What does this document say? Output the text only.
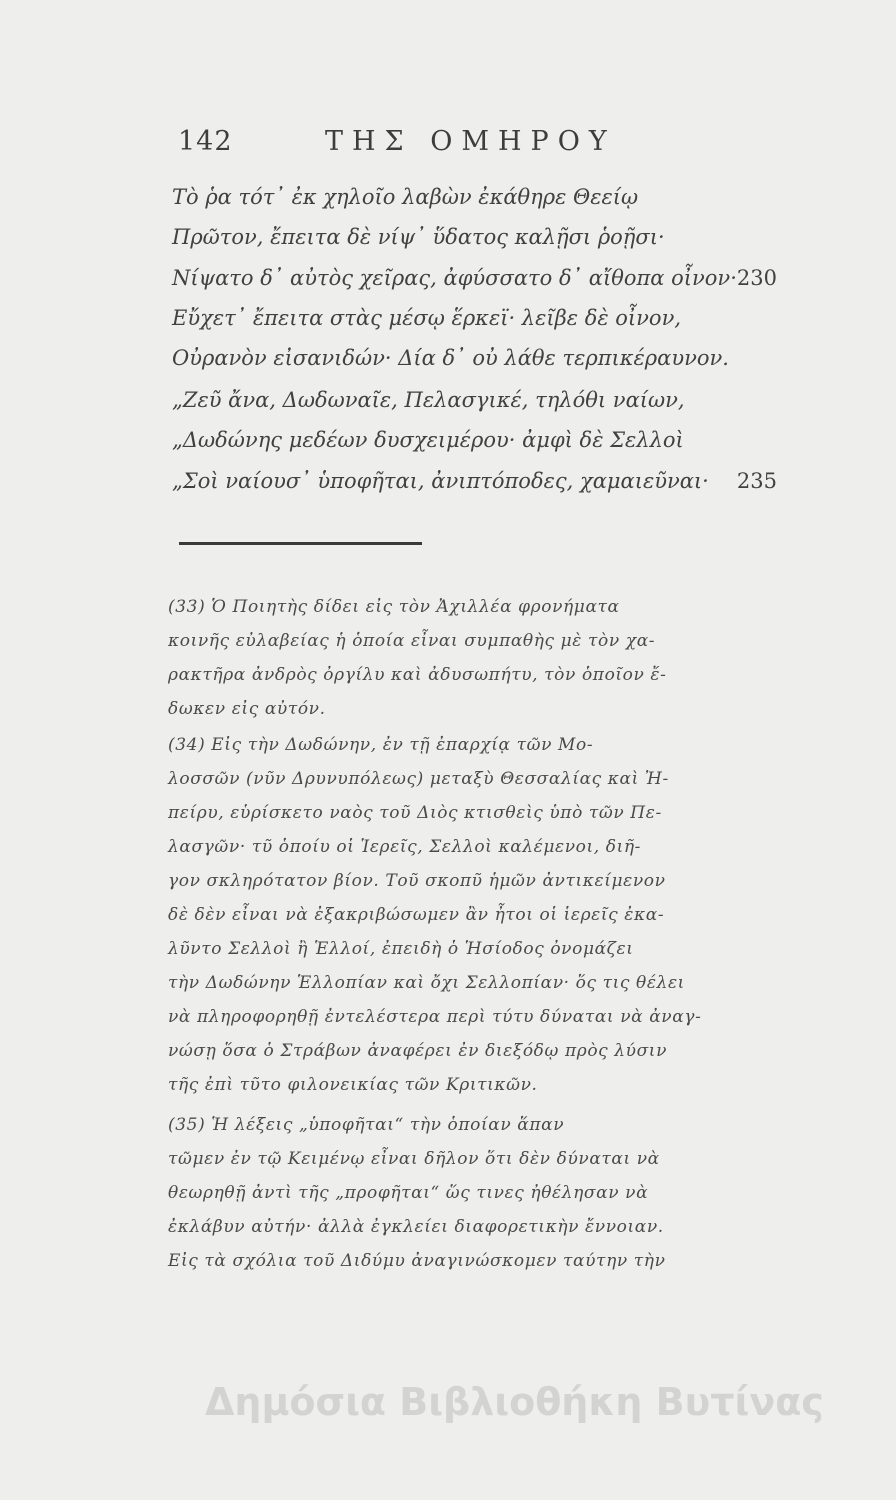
142	ΤΗΣ ΟΜΗΡΟΥ
Τὸ ῥα τότ᾽ ἐκ χηλοῖο λαβὼν ἐκάθηρε Θεείῳ
Πρῶτον, ἔπειτα δὲ νίψ᾽ ὕδατος καλῇσι ῥοῇσι·
Νίψατο δ᾽ αὐτὸς χεῖρας, ἀφύσσατο δ᾽ αἴθοπα οἶνον· 230
Εὔχετ᾽ ἔπειτα στὰς μέσῳ ἕρκεϊ· λεῖβε δὲ οἶνον,
Οὐρανὸν εἰσανιδών· Δία δ᾽ οὐ λάθε τερπικέραυνον.
„Ζεῦ ἄνα, Δωδωναῖε, Πελασγικέ, τηλόθι ναίων,
„Δωδώνης μεδέων δυσχειμέρου· ἀμφὶ δὲ Σελλοὶ
„Σοὶ ναίουσ᾽ ὑποφῆται, ἀνιπτόποδες, χαμαιεῦναι· 235
(33) Ὁ Ποιητὴς δίδει εἰς τὸν Ἀχιλλέα φρονήματα
κοινῆς εὐλαβείας ἡ ὁποία εἶναι συμπαθὴς μὲ τὸν χα-
ρακτῆρα ἀνδρὸς ὀργίλυ καὶ ἀδυσωπήτυ, τὸν ὁποῖον ἔ-
δωκεν εἰς αὐτόν.
(34) Εἰς τὴν Δωδώνην, ἐν τῇ ἐπαρχίᾳ τῶν Μο-
λοσσῶν (νῦν Δρυνυπόλεως) μεταξὺ Θεσσαλίας καὶ Ἠ-
πείρυ, εὑρίσκετο ναὸς τοῦ Διὸς κτισθεὶς ὑπὸ τῶν Πε-
λασγῶν· τῦ ὁποίυ οἱ Ἱερεῖς, Σελλοὶ καλέμενοι, διῆ-
γον σκληρότατον βίον. Τοῦ σκοπῦ ἡμῶν ἀντικείμενον
δὲ δὲν εἶναι νὰ ἐξακριβώσωμεν ἂν ἦτοι οἱ ἱερεῖς ἐκα-
λῦντο Σελλοὶ ἢ Ἑλλοί, ἐπειδὴ ὁ Ἡσίοδος ὀνομάζει
τὴν Δωδώνην Ἑλλοπίαν καὶ ὄχι Σελλοπίαν· ὅς τις θέλει
νὰ πληροφορηθῇ ἐντελέστερα περὶ τύτυ δύναται νὰ ἀναγ-
νώσῃ ὅσα ὁ Στράβων ἀναφέρει ἐν διεξόδῳ πρὸς λύσιν
τῆς ἐπὶ τῦτο φιλονεικίας τῶν Κριτικῶν.
(35) Ἡ λέξεις „ὑποφῆται“ τὴν ὁποίαν ἅπαν
τῶμεν ἐν τῷ Κειμένῳ εἶναι δῆλον ὅτι δὲν δύναται νὰ
θεωρηθῇ ἀντὶ τῆς „προφῆται“ ὥς τινες ἠθέλησαν νὰ
ἐκλάβυν αὐτήν· ἀλλὰ ἐγκλείει διαφορετικὴν ἔννοιαν.
Εἰς τὰ σχόλια τοῦ Διδύμυ ἀναγινώσκομεν ταύτην τὴν
Δημόσια Βιβλιοθήκη Βυτίνας
